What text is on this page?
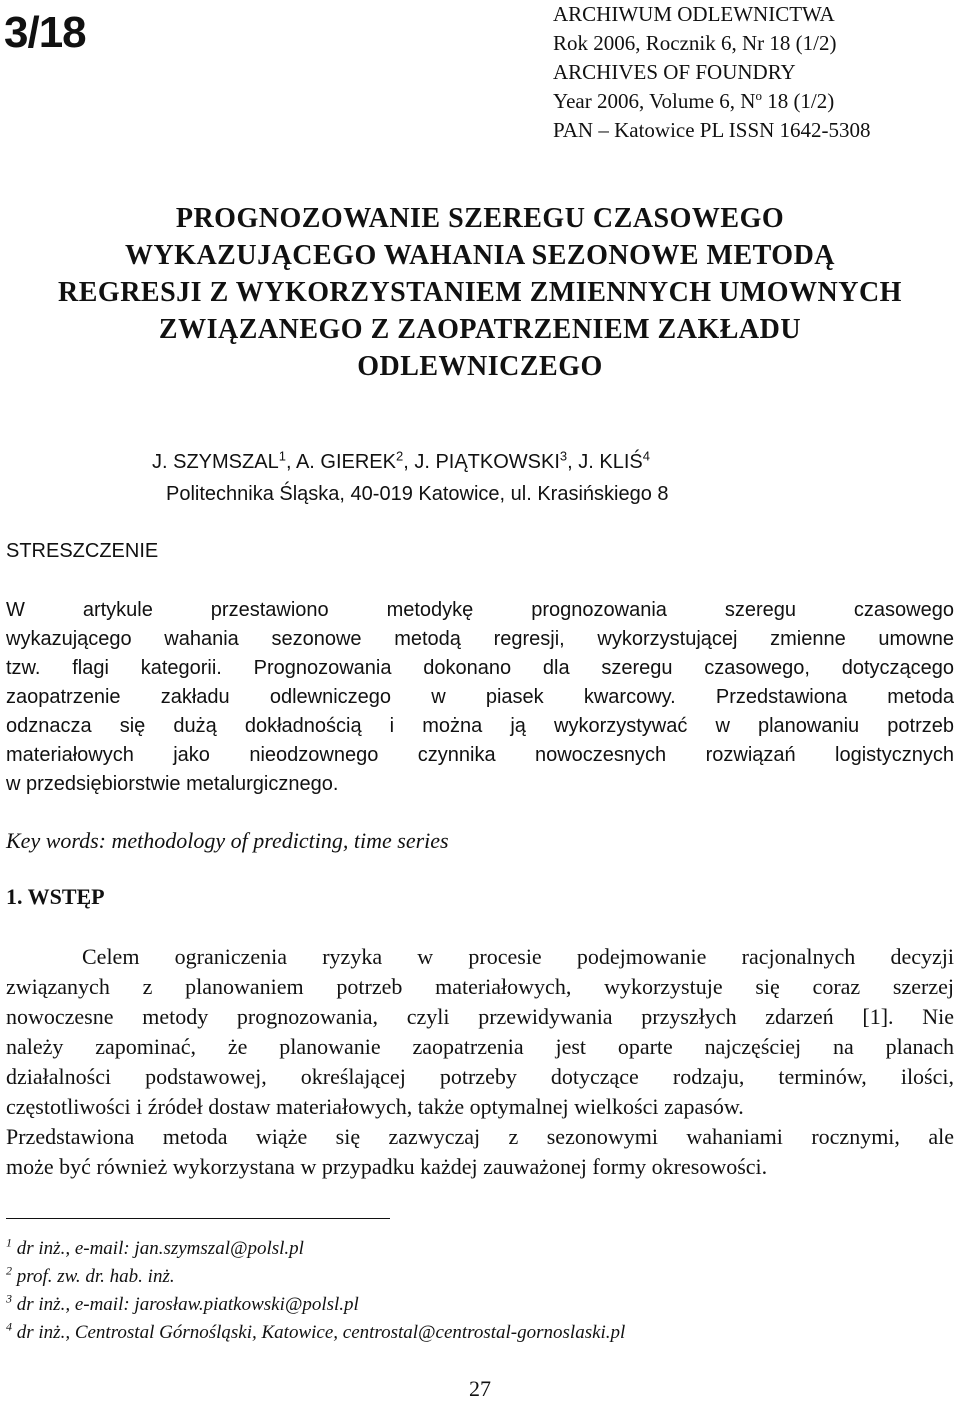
3/18	ARCHIWUM ODLEWNICTWA
Rok 2006, Rocznik 6, Nr 18 (1/2)
ARCHIVES OF FOUNDRY
Year 2006, Volume 6, $N^o$ 18 (1/2)
PAN – Katowice PL ISSN 1642-5308
PROGNOZOWANIE SZEREGU CZASOWEGO
WYKAZUJĄCEGO WAHANIA SEZONOWE METODĄ
REGRESJI Z WYKORZYSTANIEM ZMIENNYCH UMOWNYCH
ZWIĄZANEGO Z ZAOPATRZENIEM ZAKŁADU
ODLEWNICZEGO
J. SZYMSZAL$^1$, A. GIEREK$^2$, J. PIĄTKOWSKI$^3$, J. KLIŚ$^4$
Politechnika Śląska, 40-019 Katowice, ul. Krasińskiego 8
STRESZCZENIE
W artykule przestawiono metodykę prognozowania szeregu czasowego
wykazującego wahania sezonowe metodą regresji, wykorzystującej zmienne umowne
tzw. flagi kategorii. Prognozowania dokonano dla szeregu czasowego, dotyczącego
zaopatrzenie zakładu odlewniczego w piasek kwarcowy. Przedstawiona metoda
odznacza się dużą dokładnością i można ją wykorzystywać w planowaniu potrzeb
materiałowych jako nieodzownego czynnika nowoczesnych rozwiązań logistycznych
w przedsiębiorstwie metalurgicznego.
Key words: methodology of predicting, time series
1. WSTĘP
Celem ograniczenia ryzyka w procesie podejmowanie racjonalnych decyzji
związanych z planowaniem potrzeb materiałowych, wykorzystuje się coraz szerzej
nowoczesne metody prognozowania, czyli przewidywania przyszłych zdarzeń [1]. Nie
należy zapominać, że planowanie zaopatrzenia jest oparte najczęściej na planach
działalności podstawowej, określającej potrzeby dotyczące rodzaju, terminów, ilości,
częstotliwości i źródeł dostaw materiałowych, także optymalnej wielkości zapasów.
Przedstawiona metoda wiąże się zazwyczaj z sezonowymi wahaniami rocznymi, ale
może być również wykorzystana w przypadku każdej zauważonej formy okresowości.
$^1$ dr inż., e-mail: jan.szymszal@polsl.pl
$^2$ prof. zw. dr. hab. inż.
$^3$ dr inż., e-mail: jarosław.piatkowski@polsl.pl
$^4$ dr inż., Centrostal Górnośląski, Katowice, centrostal@centrostal-gornoslaski.pl
27
